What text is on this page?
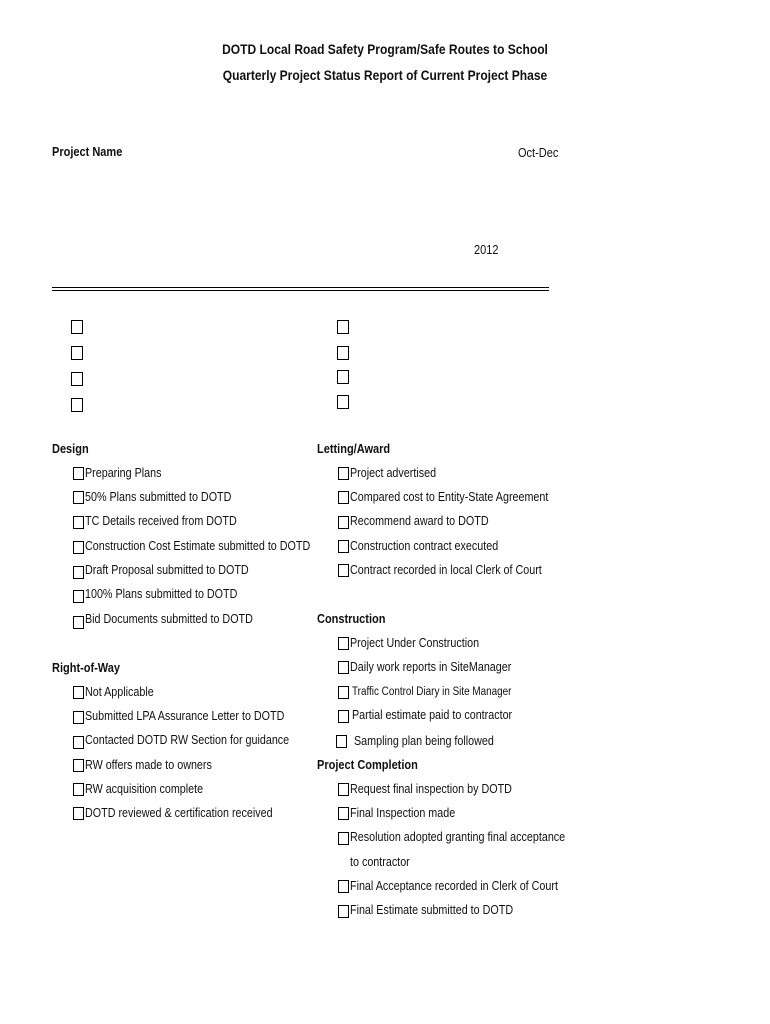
DOTD Local Road Safety Program/Safe Routes to School
Quarterly Project Status Report of Current Project Phase
Project Name	Oct-Dec
2012
Design
Preparing Plans
50% Plans submitted to DOTD
TC Details received from DOTD
Construction Cost Estimate submitted to DOTD
Draft Proposal submitted to DOTD
100% Plans submitted to DOTD
Bid Documents submitted to DOTD
Right-of-Way
Not Applicable
Submitted LPA Assurance Letter to DOTD
Contacted DOTD RW Section for guidance
RW offers made to owners
RW acquisition complete
DOTD reviewed & certification received
Letting/Award
Project advertised
Compared cost to Entity-State Agreement
Recommend award to DOTD
Construction contract executed
Contract recorded in local Clerk of Court
Construction
Project Under Construction
Daily work reports in SiteManager
Traffic Control Diary in Site Manager
Partial estimate paid to contractor
Sampling plan being followed
Project Completion
Request final inspection by DOTD
Final Inspection made
Resolution adopted granting final acceptance
to contractor
Final Acceptance recorded in Clerk of Court
Final Estimate submitted to DOTD
